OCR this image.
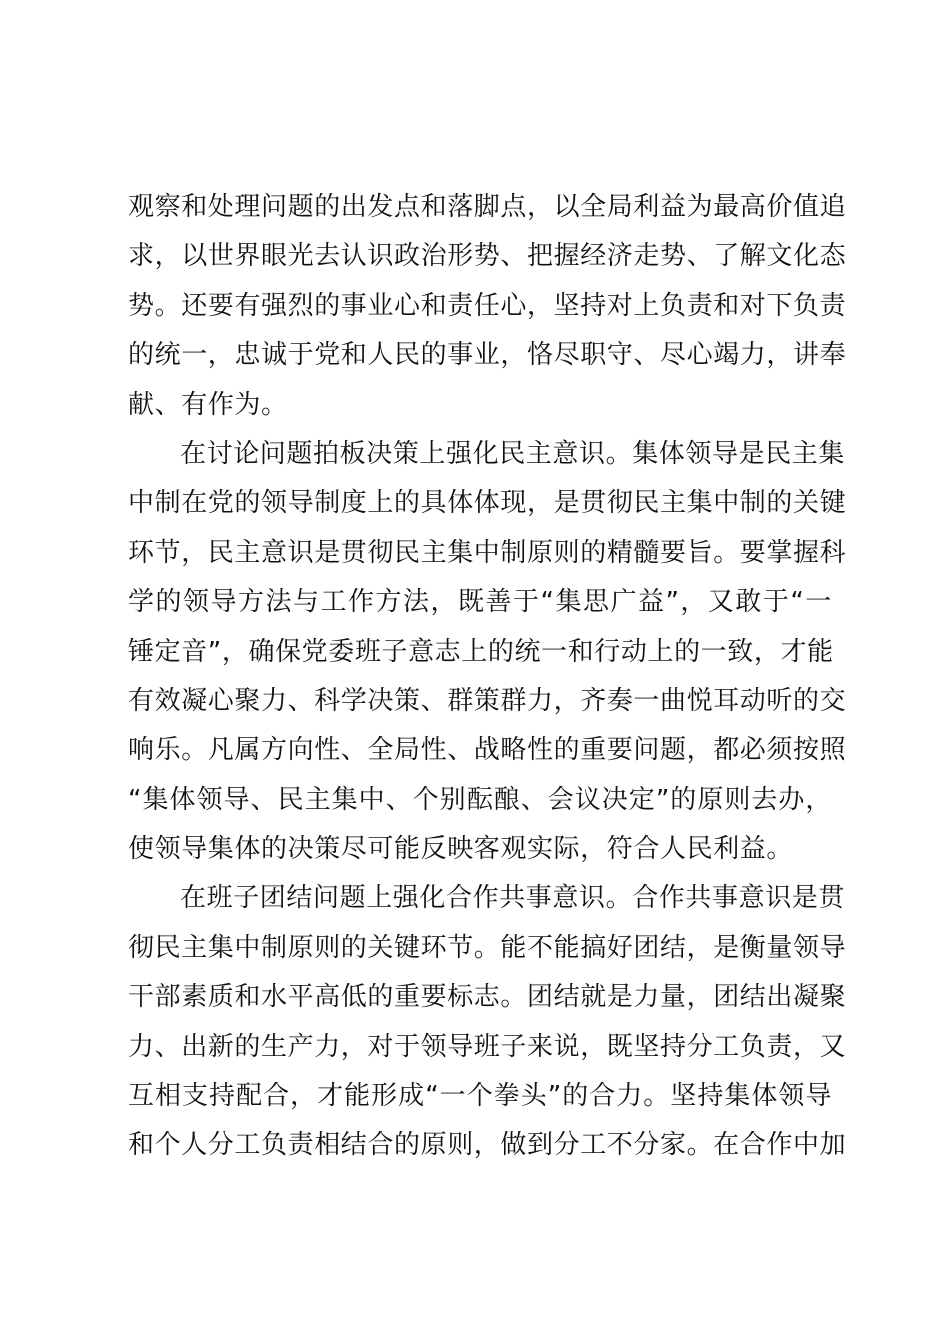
观察和处理问题的出发点和落脚点，以全局利益为最高价值追
求，以世界眼光去认识政治形势、把握经济走势、了解文化态
势。还要有强烈的事业心和责任心，坚持对上负责和对下负责
的统一，忠诚于党和人民的事业，恪尽职守、尽心竭力，讲奉
献、有作为。
在讨论问题拍板决策上强化民主意识。集体领导是民主集
中制在党的领导制度上的具体体现，是贯彻民主集中制的关键
环节，民主意识是贯彻民主集中制原则的精髓要旨。要掌握科
学的领导方法与工作方法，既善于“集思广益”，又敢于“一
锤定音”，确保党委班子意志上的统一和行动上的一致，才能
有效凝心聚力、科学决策、群策群力，齐奏一曲悦耳动听的交
响乐。凡属方向性、全局性、战略性的重要问题，都必须按照
“集体领导、民主集中、个别酝酿、会议决定”的原则去办，
使领导集体的决策尽可能反映客观实际，符合人民利益。
在班子团结问题上强化合作共事意识。合作共事意识是贯
彻民主集中制原则的关键环节。能不能搞好团结，是衡量领导
干部素质和水平高低的重要标志。团结就是力量，团结出凝聚
力、出新的生产力，对于领导班子来说，既坚持分工负责，又
互相支持配合，才能形成“一个拳头”的合力。坚持集体领导
和个人分工负责相结合的原则，做到分工不分家。在合作中加
